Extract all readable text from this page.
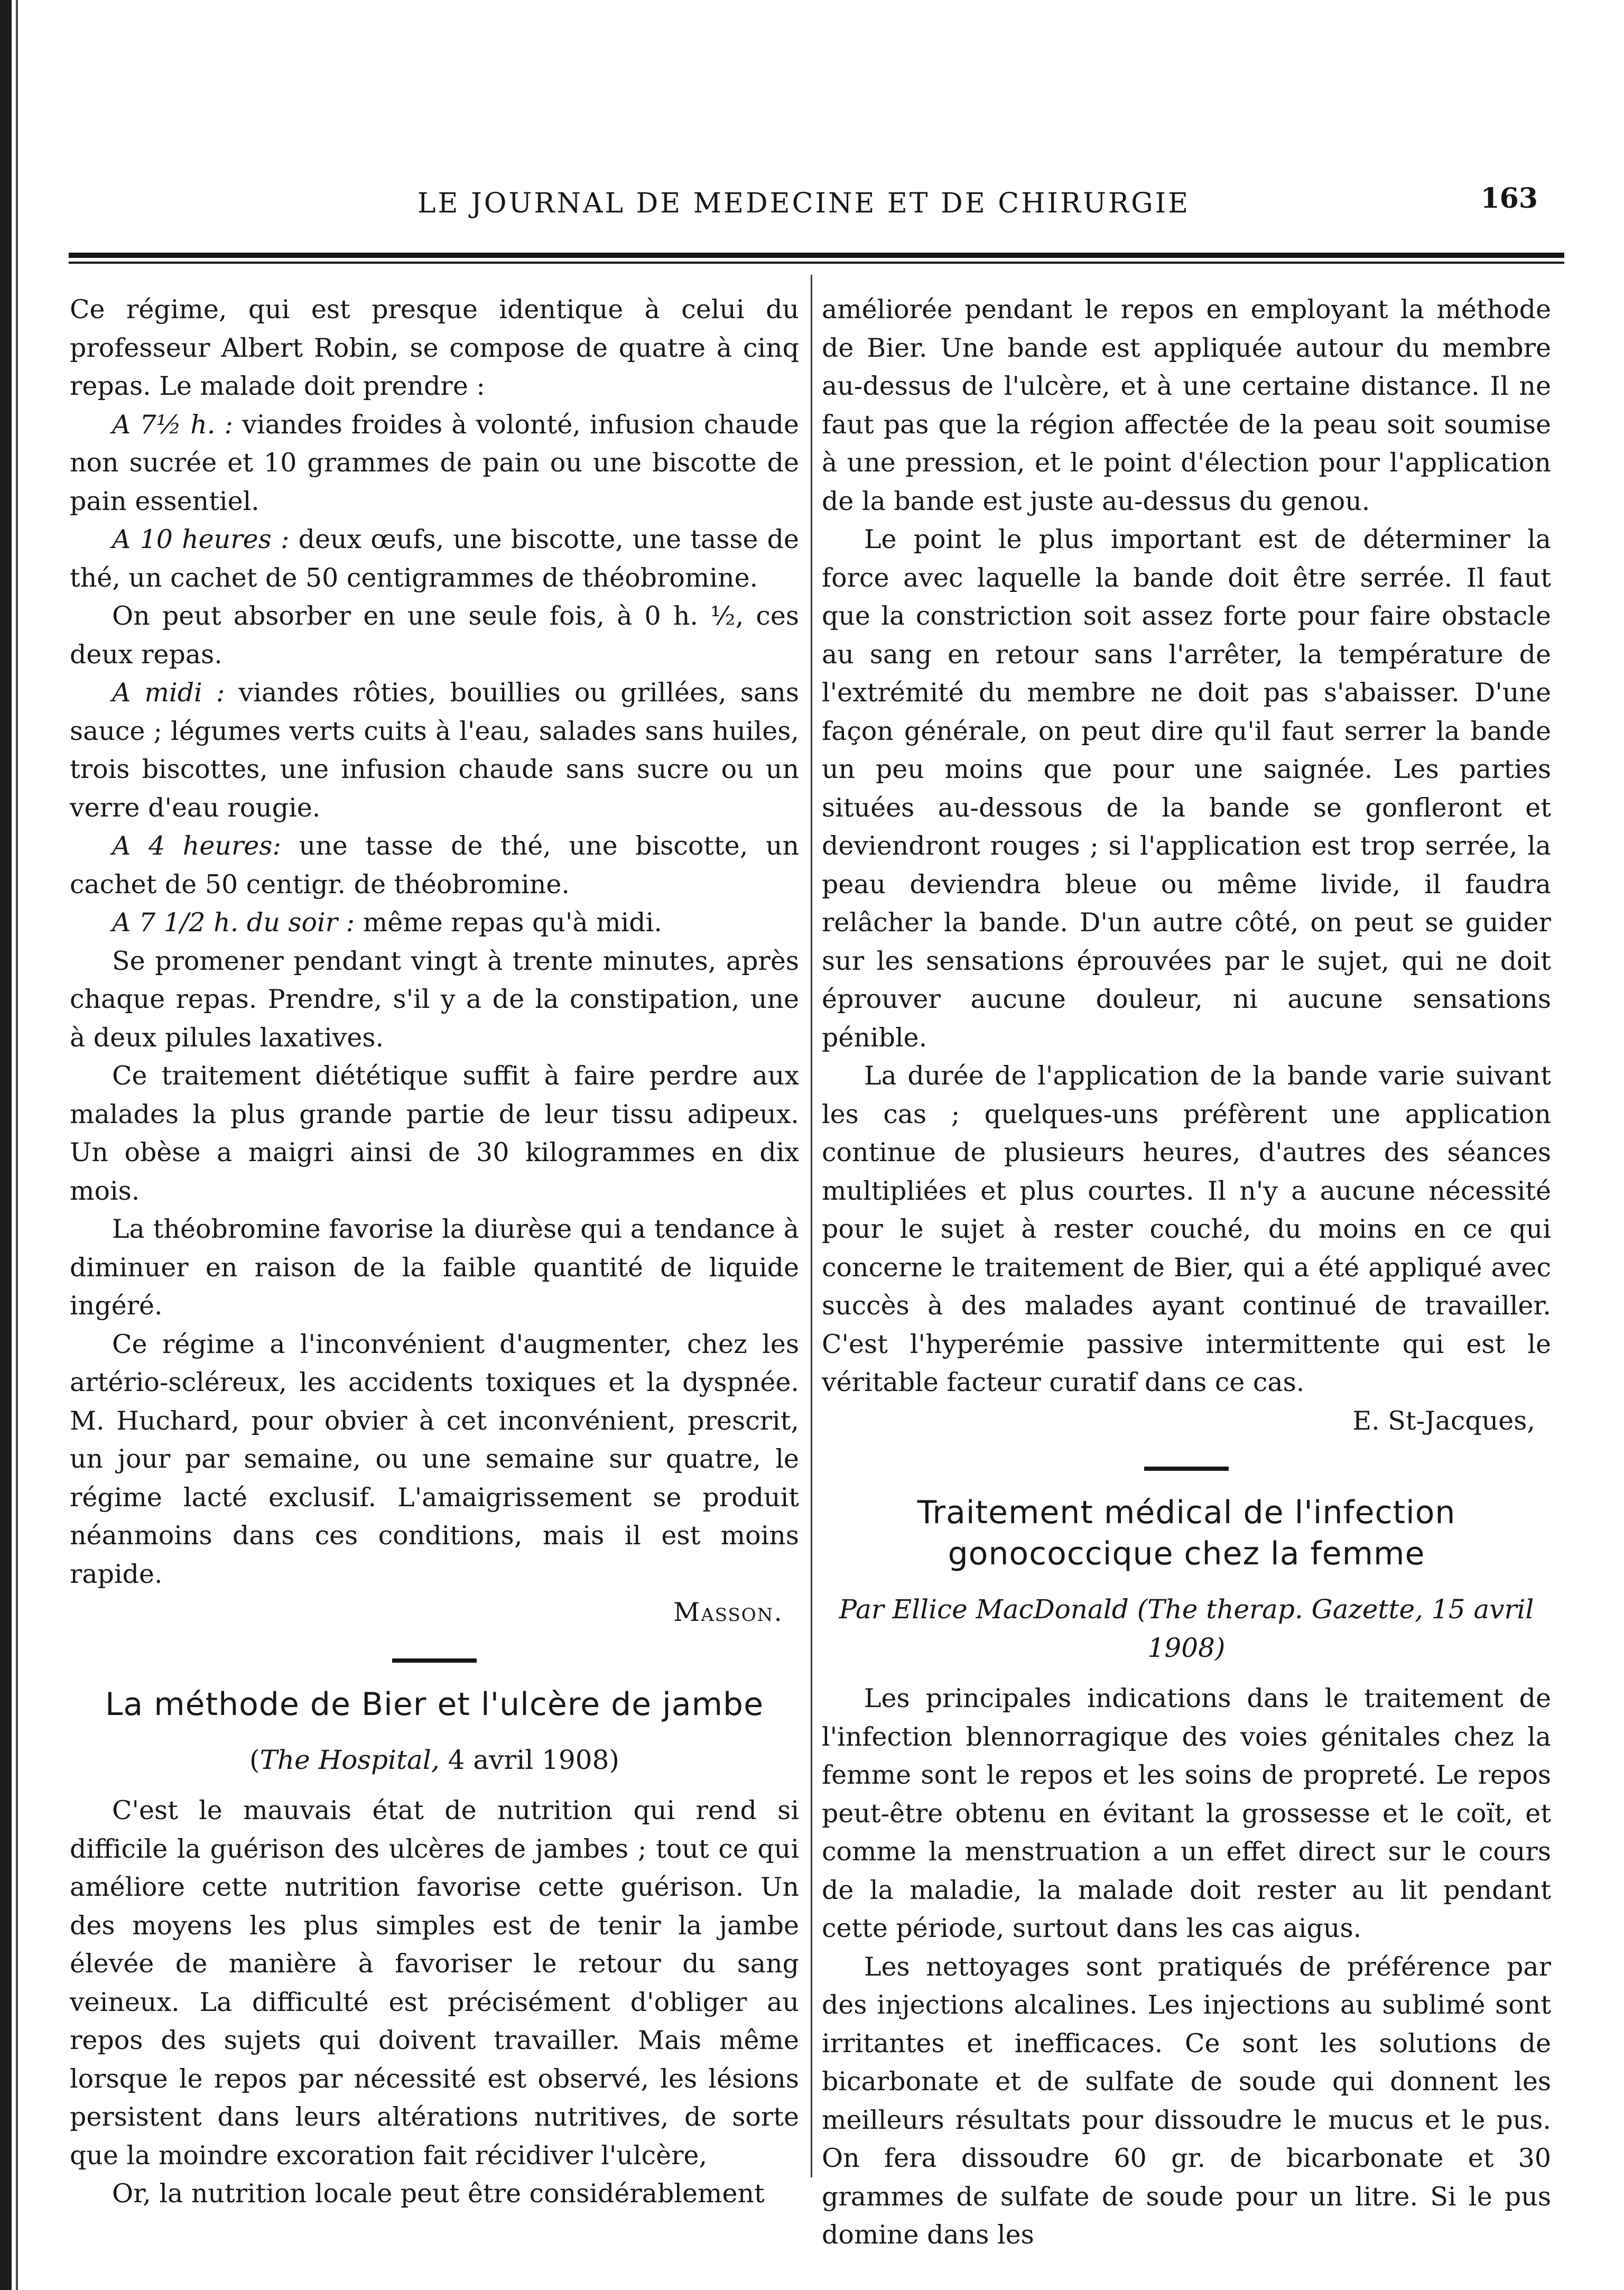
LE JOURNAL DE MEDECINE ET DE CHIRURGIE	163

Ce régime, qui est presque identique à celui du professeur Albert Robin, se compose de quatre à cinq repas. Le malade doit prendre :

A 7½ h. : viandes froides à volonté, infusion chaude non sucrée et 10 grammes de pain ou une biscotte de pain essentiel.

A 10 heures : deux œufs, une biscotte, une tasse de thé, un cachet de 50 centigrammes de théobromine.

On peut absorber en une seule fois, à 0 h. ½, ces deux repas.

A midi : viandes rôties, bouillies ou grillées, sans sauce ; légumes verts cuits à l'eau, salades sans huiles, trois biscottes, une infusion chaude sans sucre ou un verre d'eau rougie.

A 4 heures: une tasse de thé, une biscotte, un cachet de 50 centigr. de théobromine.

A 7 1/2 h. du soir : même repas qu'à midi.

Se promener pendant vingt à trente minutes, après chaque repas. Prendre, s'il y a de la constipation, une à deux pilules laxatives.

Ce traitement diététique suffit à faire perdre aux malades la plus grande partie de leur tissu adipeux. Un obèse a maigri ainsi de 30 kilogrammes en dix mois.

La théobromine favorise la diurèse qui a tendance à diminuer en raison de la faible quantité de liquide ingéré.

Ce régime a l'inconvénient d'augmenter, chez les artério-scléreux, les accidents toxiques et la dyspnée. M. Huchard, pour obvier à cet inconvénient, prescrit, un jour par semaine, ou une semaine sur quatre, le régime lacté exclusif. L'amaigrissement se produit néanmoins dans ces conditions, mais il est moins rapide.

Masson.

La méthode de Bier et l'ulcère de jambe

(The Hospital, 4 avril 1908)

C'est le mauvais état de nutrition qui rend si difficile la guérison des ulcères de jambes ; tout ce qui améliore cette nutrition favorise cette guérison. Un des moyens les plus simples est de tenir la jambe élevée de manière à favoriser le retour du sang veineux. La difficulté est précisément d'obliger au repos des sujets qui doivent travailler. Mais même lorsque le repos par nécessité est observé, les lésions persistent dans leurs altérations nutritives, de sorte que la moindre excoration fait récidiver l'ulcère,

Or, la nutrition locale peut être considérablement

améliorée pendant le repos en employant la méthode de Bier. Une bande est appliquée autour du membre au-dessus de l'ulcère, et à une certaine distance. Il ne faut pas que la région affectée de la peau soit soumise à une pression, et le point d'élection pour l'application de la bande est juste au-dessus du genou.

Le point le plus important est de déterminer la force avec laquelle la bande doit être serrée. Il faut que la constriction soit assez forte pour faire obstacle au sang en retour sans l'arrêter, la température de l'extrémité du membre ne doit pas s'abaisser. D'une façon générale, on peut dire qu'il faut serrer la bande un peu moins que pour une saignée. Les parties situées au-dessous de la bande se gonfleront et deviendront rouges ; si l'application est trop serrée, la peau deviendra bleue ou même livide, il faudra relâcher la bande. D'un autre côté, on peut se guider sur les sensations éprouvées par le sujet, qui ne doit éprouver aucune douleur, ni aucune sensations pénible.

La durée de l'application de la bande varie suivant les cas ; quelques-uns préfèrent une application continue de plusieurs heures, d'autres des séances multipliées et plus courtes. Il n'y a aucune nécessité pour le sujet à rester couché, du moins en ce qui concerne le traitement de Bier, qui a été appliqué avec succès à des malades ayant continué de travailler. C'est l'hyperémie passive intermittente qui est le véritable facteur curatif dans ce cas.

E. St-Jacques,

Traitement médical de l'infection gonococcique chez la femme

Par Ellice MacDonald (The therap. Gazette, 15 avril 1908)

Les principales indications dans le traitement de l'infection blennorragique des voies génitales chez la femme sont le repos et les soins de propreté. Le repos peut-être obtenu en évitant la grossesse et le coït, et comme la menstruation a un effet direct sur le cours de la maladie, la malade doit rester au lit pendant cette période, surtout dans les cas aigus.

Les nettoyages sont pratiqués de préférence par des injections alcalines. Les injections au sublimé sont irritantes et inefficaces. Ce sont les solutions de bicarbonate et de sulfate de soude qui donnent les meilleurs résultats pour dissoudre le mucus et le pus. On fera dissoudre 60 gr. de bicarbonate et 30 grammes de sulfate de soude pour un litre. Si le pus domine dans les
